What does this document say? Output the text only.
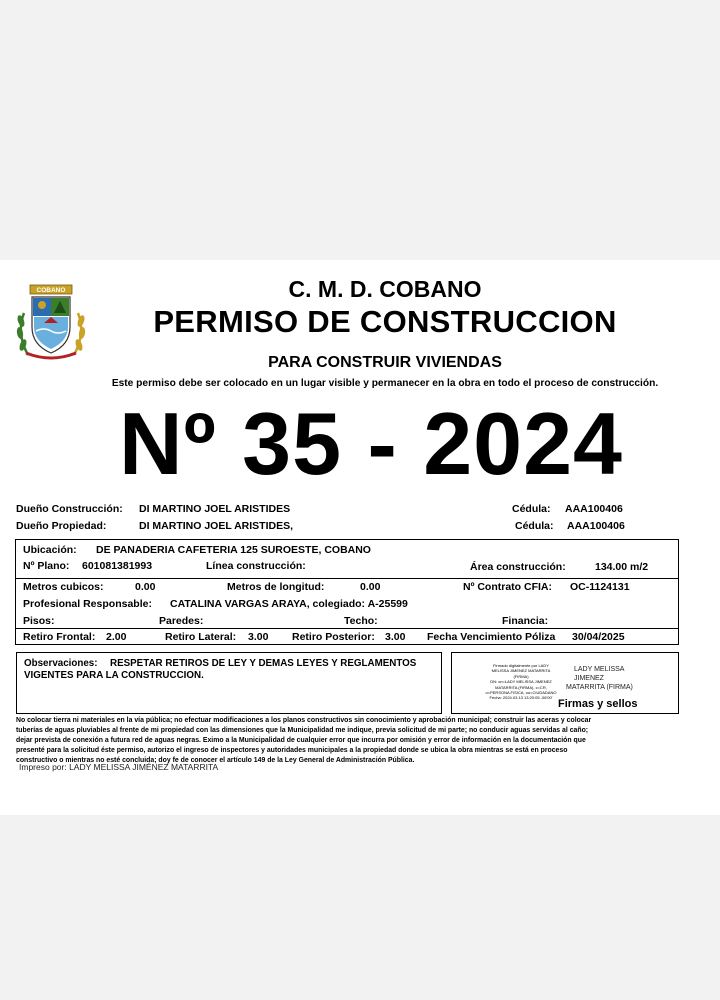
COBANO	C. M. D. COBANO
PERMISO DE CONSTRUCCION
PARA CONSTRUIR VIVIENDAS
Este permiso debe ser colocado en un lugar visible y permanecer en la obra en todo el proceso de construcción.
Nº 35 - 2024
Dueño Construcción: DI MARTINO JOEL ARISTIDES	Cédula: AAA100406
Dueño Propiedad:	DI MARTINO JOEL ARISTIDES,	Cédula: AAA100406
Ubicación: DE PANADERIA CAFETERIA 125 SUROESTE, COBANO
Nº Plano: 601081381993	Línea construcción:	Área construcción:	134.00 m/2
Metros cubicos:	0.00	Metros de longitud:	0.00	Nº Contrato CFIA: OC-1124131
Profesional Responsable: CATALINA VARGAS ARAYA, colegiado: A-25599
Pisos:	Paredes:	Techo:	Financia:
Retiro Frontal: 2.00	Retiro Lateral: 3.00 Retiro Posterior: 3.00 Fecha Vencimiento Póliza 30/04/2025
Observaciones: RESPETAR RETIROS DE LEY Y DEMAS LEYES Y REGLAMENTOS
VIGENTES PARA LA CONSTRUCCION.
Firmado digitalmente por LADY
MELISSA JIMENEZ MATARRITA
(FIRMA)
DN: cn=LADY MELISSA JIMENEZ
MATARRITA (FIRMA), c=CR,
o=PERSONA FISICA, ou=CIUDADANO
Fecha: 2024.03.13 13:20:05 -06'00'
LADY MELISSA
JIMENEZ
MATARRITA (FIRMA)
Firmas y sellos
No colocar tierra ni materiales en la vía pública; no efectuar modificaciones a los planos constructivos sin conocimiento y aprobación municipal; construir las aceras y colocar
tuberías de aguas pluviables al frente de mi propiedad con las dimensiones que la Municipalidad me indique, previa solicitud de mi parte; no conducir aguas servidas al caño;
dejar prevista de conexión a futura red de aguas negras. Eximo a la Municipalidad de cualquier error que incurra por omisión y error de información en la documentación que
presenté para la solicitud éste permiso, autorizo el ingreso de inspectores y autoridades municipales a la propiedad donde se ubica la obra mientras se está en proceso
constructivo o mientras no esté concluida; doy fe de conocer el artículo 149 de la Ley General de Administración Pública.
Impreso por: LADY MELISSA JIMÉNEZ MATARRITA
